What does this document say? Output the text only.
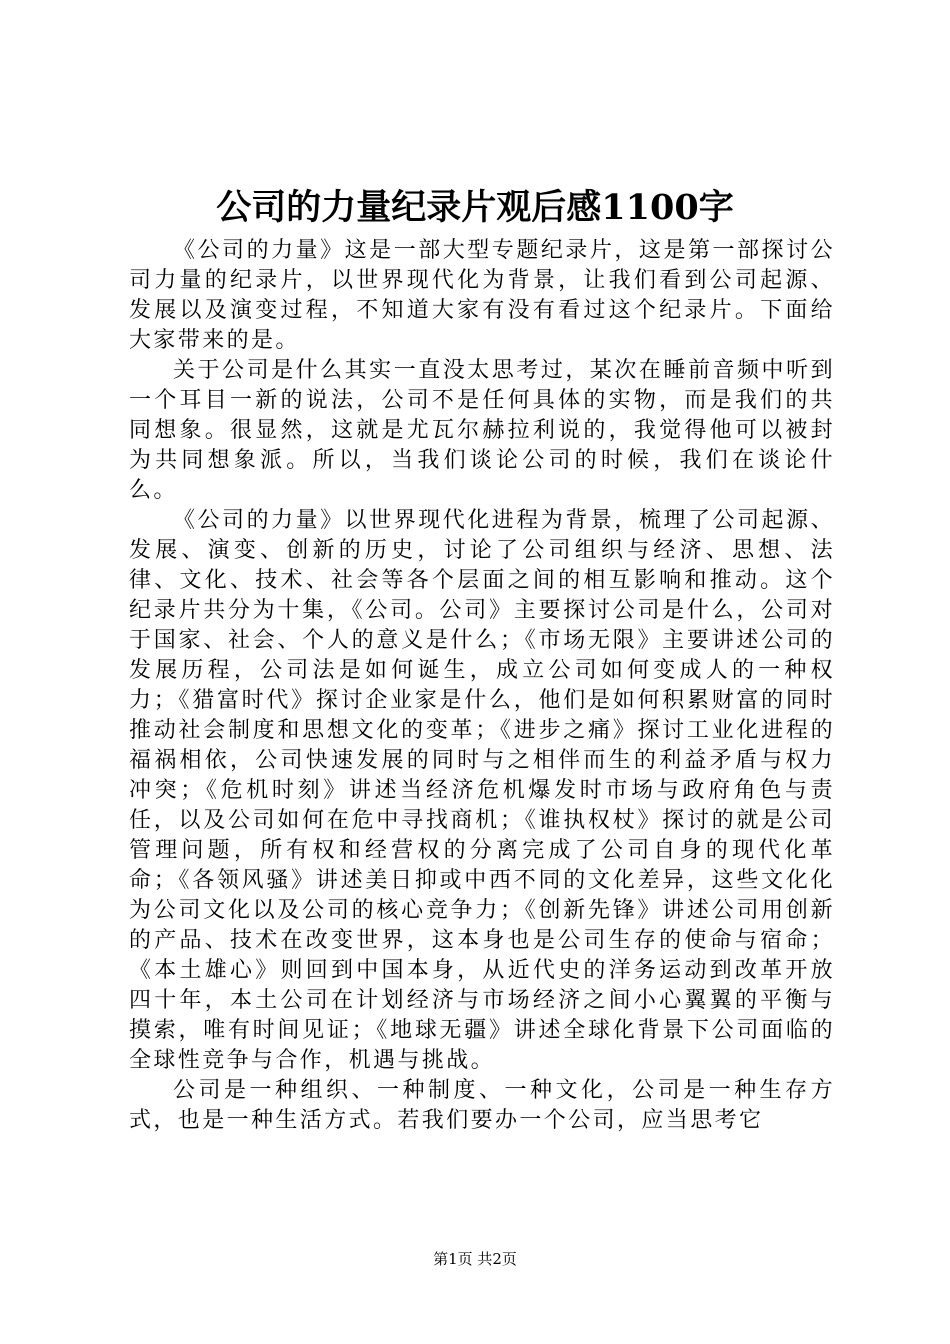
公司的力量纪录片观后感1100字

《公司的力量》这是一部大型专题纪录片，这是第一部探讨公司力量的纪录片，以世界现代化为背景，让我们看到公司起源、发展以及演变过程，不知道大家有没有看过这个纪录片。下面给大家带来的是。

关于公司是什么其实一直没太思考过，某次在睡前音频中听到一个耳目一新的说法，公司不是任何具体的实物，而是我们的共同想象。很显然，这就是尤瓦尔赫拉利说的，我觉得他可以被封为共同想象派。所以，当我们谈论公司的时候，我们在谈论什么。

《公司的力量》以世界现代化进程为背景，梳理了公司起源、发展、演变、创新的历史，讨论了公司组织与经济、思想、法律、文化、技术、社会等各个层面之间的相互影响和推动。这个纪录片共分为十集，《公司。公司》主要探讨公司是什么，公司对于国家、社会、个人的意义是什么；《市场无限》主要讲述公司的发展历程，公司法是如何诞生，成立公司如何变成人的一种权力；《猎富时代》探讨企业家是什么，他们是如何积累财富的同时推动社会制度和思想文化的变革；《进步之痛》探讨工业化进程的福祸相依，公司快速发展的同时与之相伴而生的利益矛盾与权力冲突；《危机时刻》讲述当经济危机爆发时市场与政府角色与责任，以及公司如何在危中寻找商机；《谁执权杖》探讨的就是公司管理问题，所有权和经营权的分离完成了公司自身的现代化革命；《各领风骚》讲述美日抑或中西不同的文化差异，这些文化化为公司文化以及公司的核心竞争力；《创新先锋》讲述公司用创新的产品、技术在改变世界，这本身也是公司生存的使命与宿命；《本土雄心》则回到中国本身，从近代史的洋务运动到改革开放四十年，本土公司在计划经济与市场经济之间小心翼翼的平衡与摸索，唯有时间见证；《地球无疆》讲述全球化背景下公司面临的全球性竞争与合作，机遇与挑战。

公司是一种组织、一种制度、一种文化，公司是一种生存方式，也是一种生活方式。若我们要办一个公司，应当思考它

第1页 共2页
